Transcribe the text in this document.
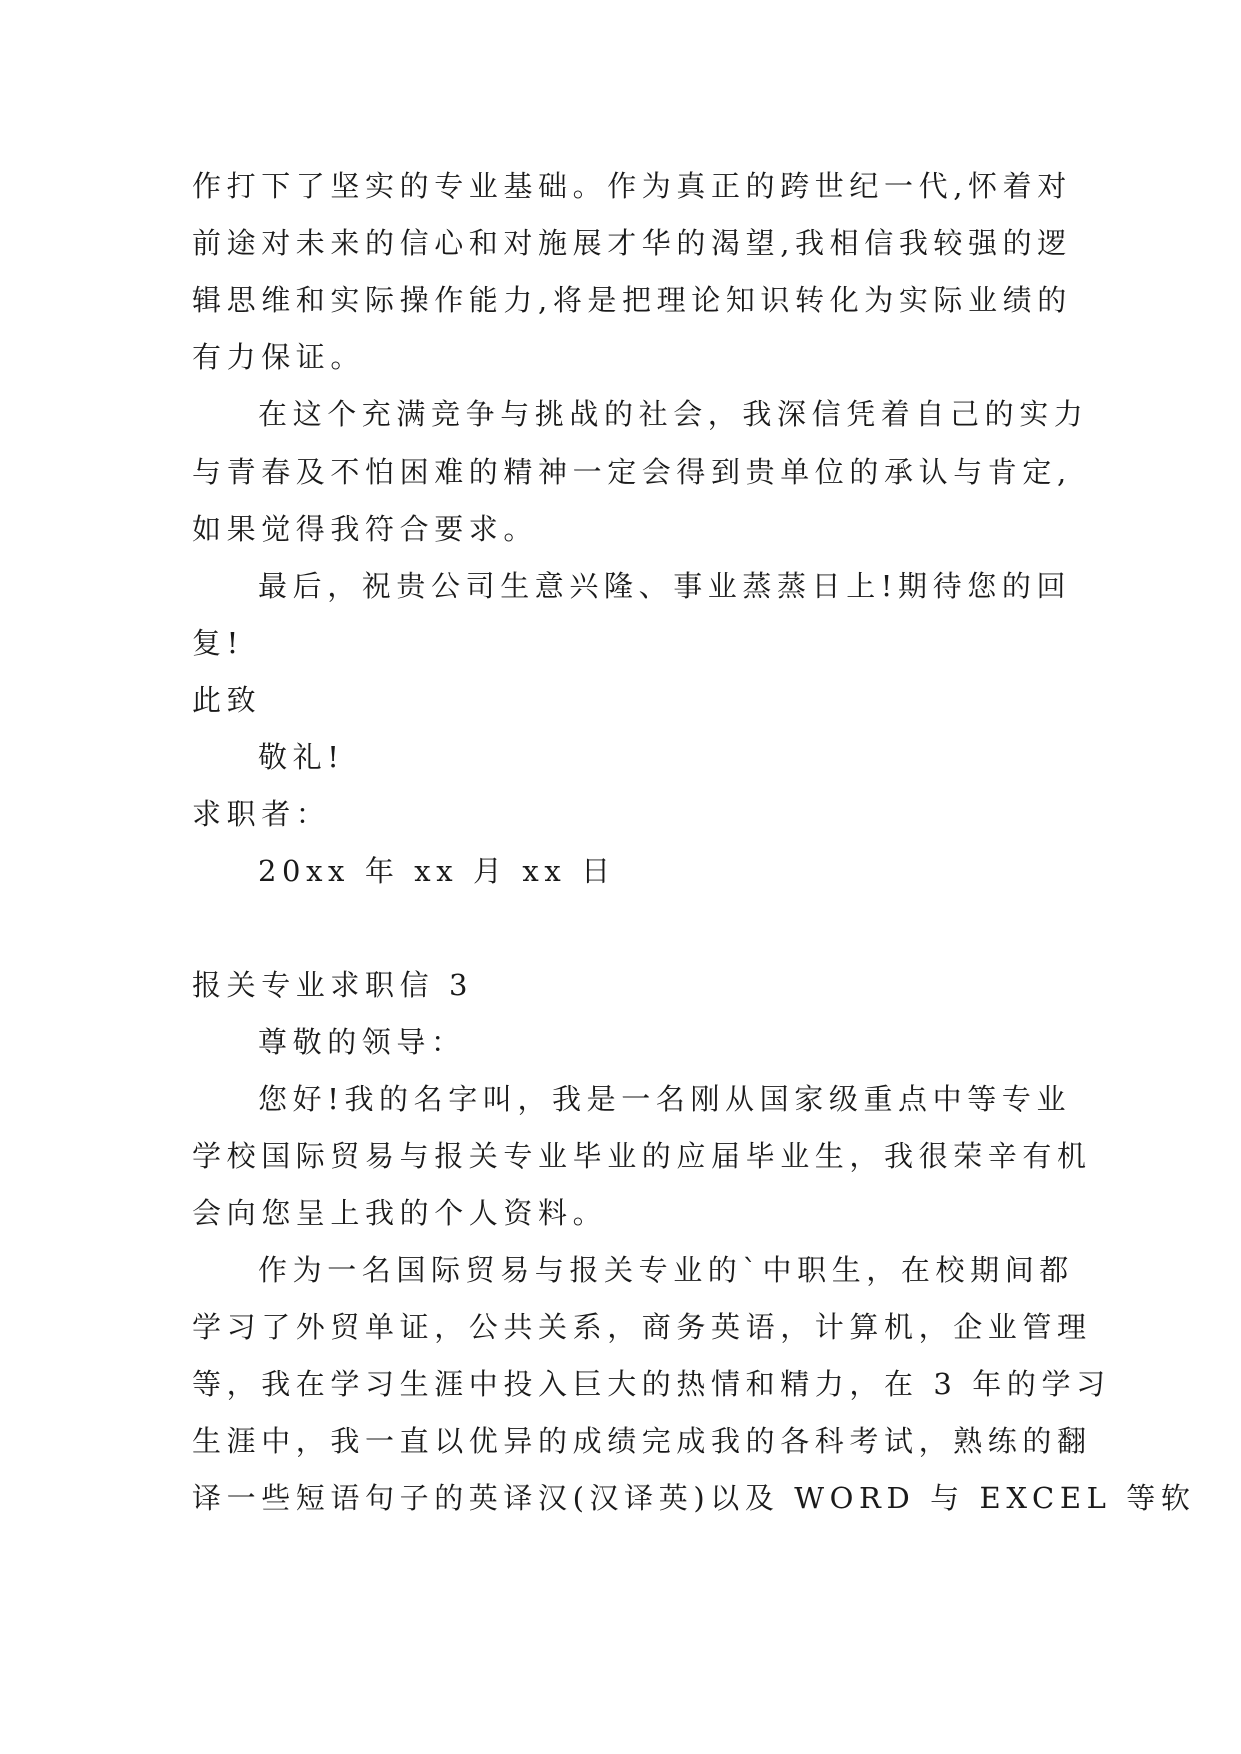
作打下了坚实的专业基础。作为真正的跨世纪一代,怀着对
前途对未来的信心和对施展才华的渴望,我相信我较强的逻
辑思维和实际操作能力,将是把理论知识转化为实际业绩的
有力保证。
在这个充满竞争与挑战的社会，我深信凭着自己的实力
与青春及不怕困难的精神一定会得到贵单位的承认与肯定,
如果觉得我符合要求。
最后，祝贵公司生意兴隆、事业蒸蒸日上!期待您的回
复!
此致
敬礼!
求职者：
20xx 年 xx 月 xx 日
报关专业求职信 3
尊敬的领导：
您好!我的名字叫，我是一名刚从国家级重点中等专业
学校国际贸易与报关专业毕业的应届毕业生，我很荣辛有机
会向您呈上我的个人资料。
作为一名国际贸易与报关专业的`中职生，在校期间都
学习了外贸单证，公共关系，商务英语，计算机，企业管理
等，我在学习生涯中投入巨大的热情和精力，在 3 年的学习
生涯中，我一直以优异的成绩完成我的各科考试，熟练的翻
译一些短语句子的英译汉(汉译英)以及 WORD 与 EXCEL 等软
